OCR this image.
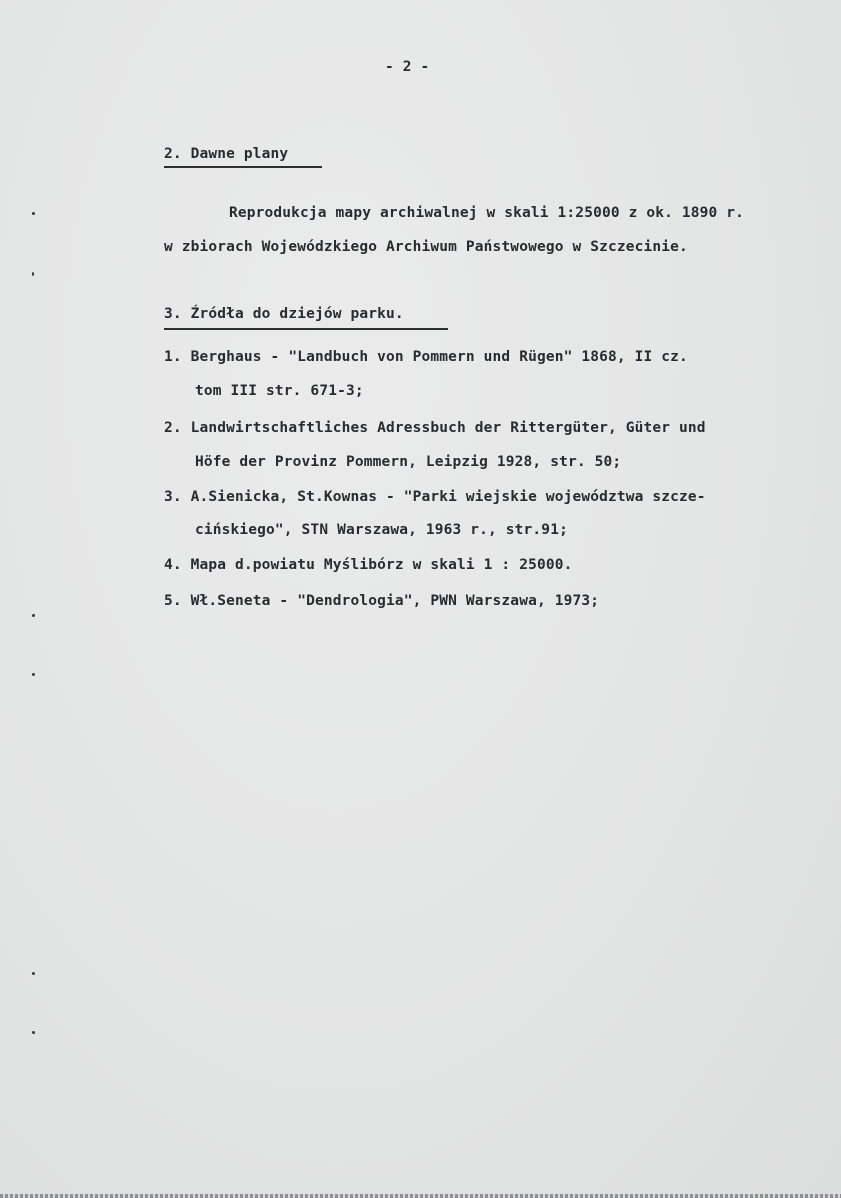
- 2 -
2. Dawne plany
Reprodukcja mapy archiwalnej w skali 1:25000 z ok. 1890 r.
w zbiorach Wojewódzkiego Archiwum Państwowego w Szczecinie.
3. Źródła do dziejów parku.
1. Berghaus - "Landbuch von Pommern und Rügen" 1868, II cz.
tom III str. 671-3;
2. Landwirtschaftliches Adressbuch der Rittergüter, Güter und
Höfe der Provinz Pommern, Leipzig 1928, str. 50;
3. A.Sienicka, St.Kownas - "Parki wiejskie województwa szcze-
cińskiego", STN Warszawa, 1963 r., str.91;
4. Mapa d.powiatu Myślibórz w skali 1 : 25000.
5. Wł.Seneta - "Dendrologia", PWN Warszawa, 1973;
